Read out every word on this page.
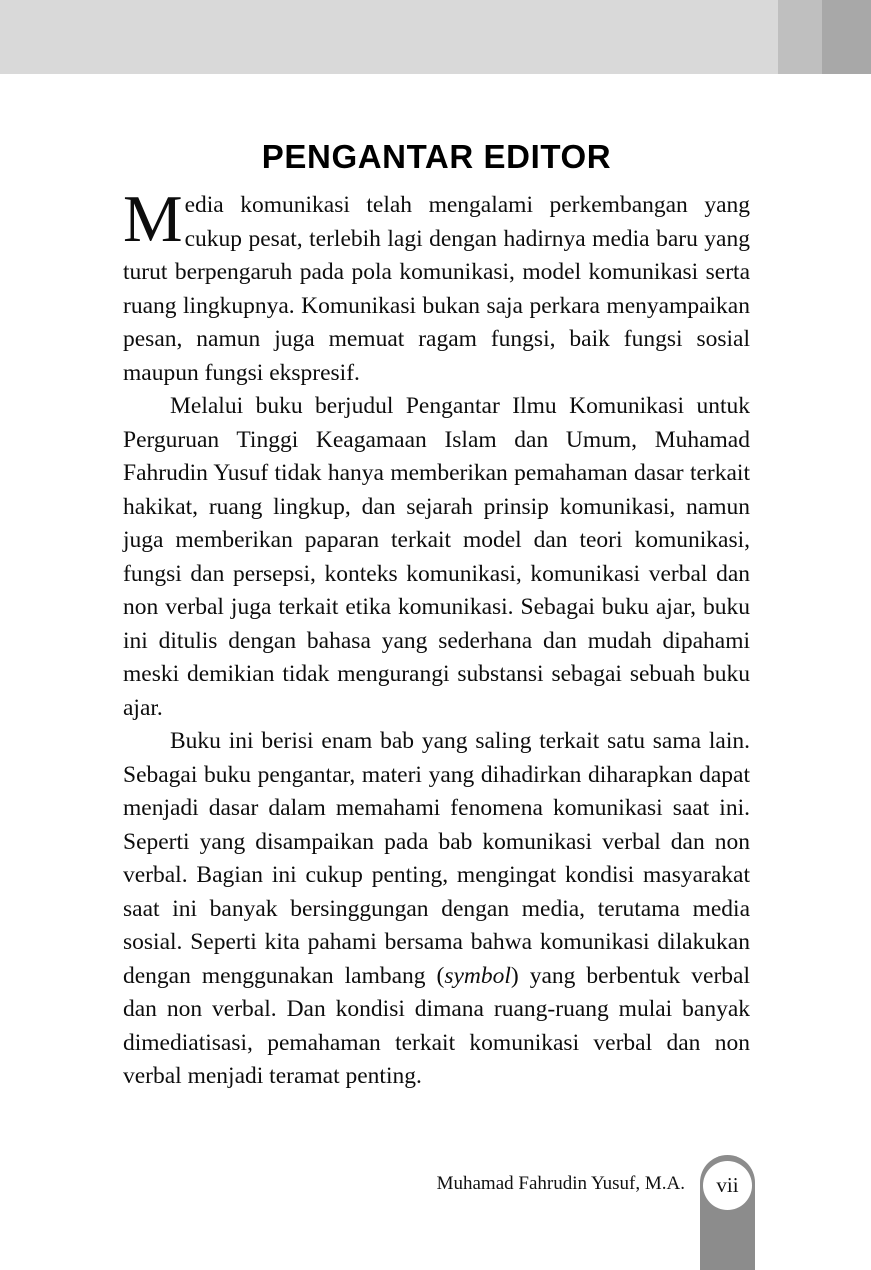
PENGANTAR EDITOR

Media komunikasi telah mengalami perkembangan yang cukup pesat, terlebih lagi dengan hadirnya media baru yang turut berpengaruh pada pola komunikasi, model komunikasi serta ruang lingkupnya. Komunikasi bukan saja perkara menyampaikan pesan, namun juga memuat ragam fungsi, baik fungsi sosial maupun fungsi ekspresif.

Melalui buku berjudul Pengantar Ilmu Komunikasi untuk Perguruan Tinggi Keagamaan Islam dan Umum, Muhamad Fahrudin Yusuf tidak hanya memberikan pemahaman dasar terkait hakikat, ruang lingkup, dan sejarah prinsip komunikasi, namun juga memberikan paparan terkait model dan teori komunikasi, fungsi dan persepsi, konteks komunikasi, komunikasi verbal dan non verbal juga terkait etika komunikasi. Sebagai buku ajar, buku ini ditulis dengan bahasa yang sederhana dan mudah dipahami meski demikian tidak mengurangi substansi sebagai sebuah buku ajar.

Buku ini berisi enam bab yang saling terkait satu sama lain. Sebagai buku pengantar, materi yang dihadirkan diharapkan dapat menjadi dasar dalam memahami fenomena komunikasi saat ini. Seperti yang disampaikan pada bab komunikasi verbal dan non verbal. Bagian ini cukup penting, mengingat kondisi masyarakat saat ini banyak bersinggungan dengan media, terutama media sosial. Seperti kita pahami bersama bahwa komunikasi dilakukan dengan menggunakan lambang (symbol) yang berbentuk verbal dan non verbal. Dan kondisi dimana ruang-ruang mulai banyak dimediatisasi, pemahaman terkait komunikasi verbal dan non verbal menjadi teramat penting.

Muhamad Fahrudin Yusuf, M.A.	vii
